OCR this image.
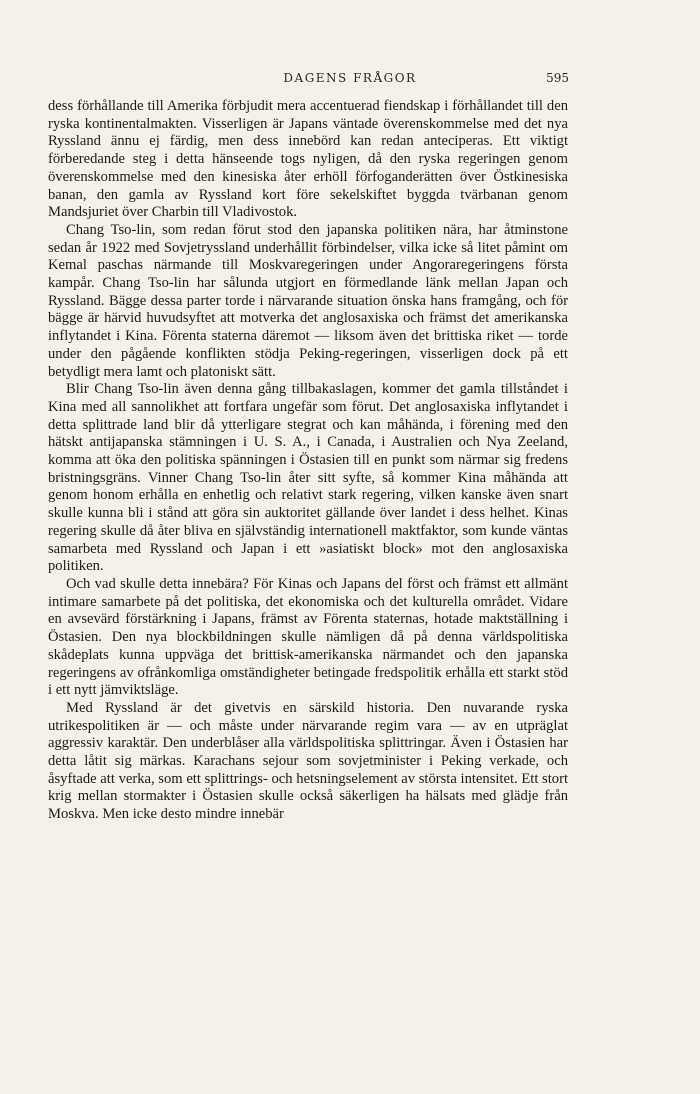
DAGENS FRÅGOR	595

dess förhållande till Amerika förbjudit mera accentuerad fiendskap i förhållandet till den ryska kontinentalmakten. Visserligen är Japans väntade överenskommelse med det nya Ryssland ännu ej färdig, men dess innebörd kan redan anteciperas. Ett viktigt förberedande steg i detta hänseende togs nyligen, då den ryska regeringen genom överenskommelse med den kinesiska åter erhöll förfoganderätten över Östkinesiska banan, den gamla av Ryssland kort före sekelskiftet byggda tvärbanan genom Mandsjuriet över Charbin till Vladivostok.

Chang Tso-lin, som redan förut stod den japanska politiken nära, har åtminstone sedan år 1922 med Sovjetryssland underhållit förbindelser, vilka icke så litet påmint om Kemal paschas närmande till Moskvaregeringen under Angoraregeringens första kampår. Chang Tso-lin har sålunda utgjort en förmedlande länk mellan Japan och Ryssland. Bägge dessa parter torde i närvarande situation önska hans framgång, och för bägge är härvid huvudsyftet att motverka det anglosaxiska och främst det amerikanska inflytandet i Kina. Förenta staterna däremot — liksom även det brittiska riket — torde under den pågående konflikten stödja Peking-regeringen, visserligen dock på ett betydligt mera lamt och platoniskt sätt.

Blir Chang Tso-lin även denna gång tillbakaslagen, kommer det gamla tillståndet i Kina med all sannolikhet att fortfara ungefär som förut. Det anglosaxiska inflytandet i detta splittrade land blir då ytterligare stegrat och kan måhända, i förening med den hätskt antijapanska stämningen i U. S. A., i Canada, i Australien och Nya Zeeland, komma att öka den politiska spänningen i Östasien till en punkt som närmar sig fredens bristningsgräns. Vinner Chang Tso-lin åter sitt syfte, så kommer Kina måhända att genom honom erhålla en enhetlig och relativt stark regering, vilken kanske även snart skulle kunna bli i stånd att göra sin auktoritet gällande över landet i dess helhet. Kinas regering skulle då åter bliva en självständig internationell maktfaktor, som kunde väntas samarbeta med Ryssland och Japan i ett »asiatiskt block» mot den anglosaxiska politiken.

Och vad skulle detta innebära? För Kinas och Japans del först och främst ett allmänt intimare samarbete på det politiska, det ekonomiska och det kulturella området. Vidare en avsevärd förstärkning i Japans, främst av Förenta staternas, hotade maktställning i Östasien. Den nya blockbildningen skulle nämligen då på denna världspolitiska skådeplats kunna uppväga det brittisk-amerikanska närmandet och den japanska regeringens av ofrånkomliga omständigheter betingade fredspolitik erhålla ett starkt stöd i ett nytt jämviktsläge.

Med Ryssland är det givetvis en särskild historia. Den nuvarande ryska utrikespolitiken är — och måste under närvarande regim vara — av en utpräglat aggressiv karaktär. Den underblåser alla världspolitiska splittringar. Även i Östasien har detta låtit sig märkas. Karachans sejour som sovjetminister i Peking verkade, och åsyftade att verka, som ett splittrings- och hetsningselement av största intensitet. Ett stort krig mellan stormakter i Östasien skulle också säkerligen ha hälsats med glädje från Moskva. Men icke desto mindre innebär
